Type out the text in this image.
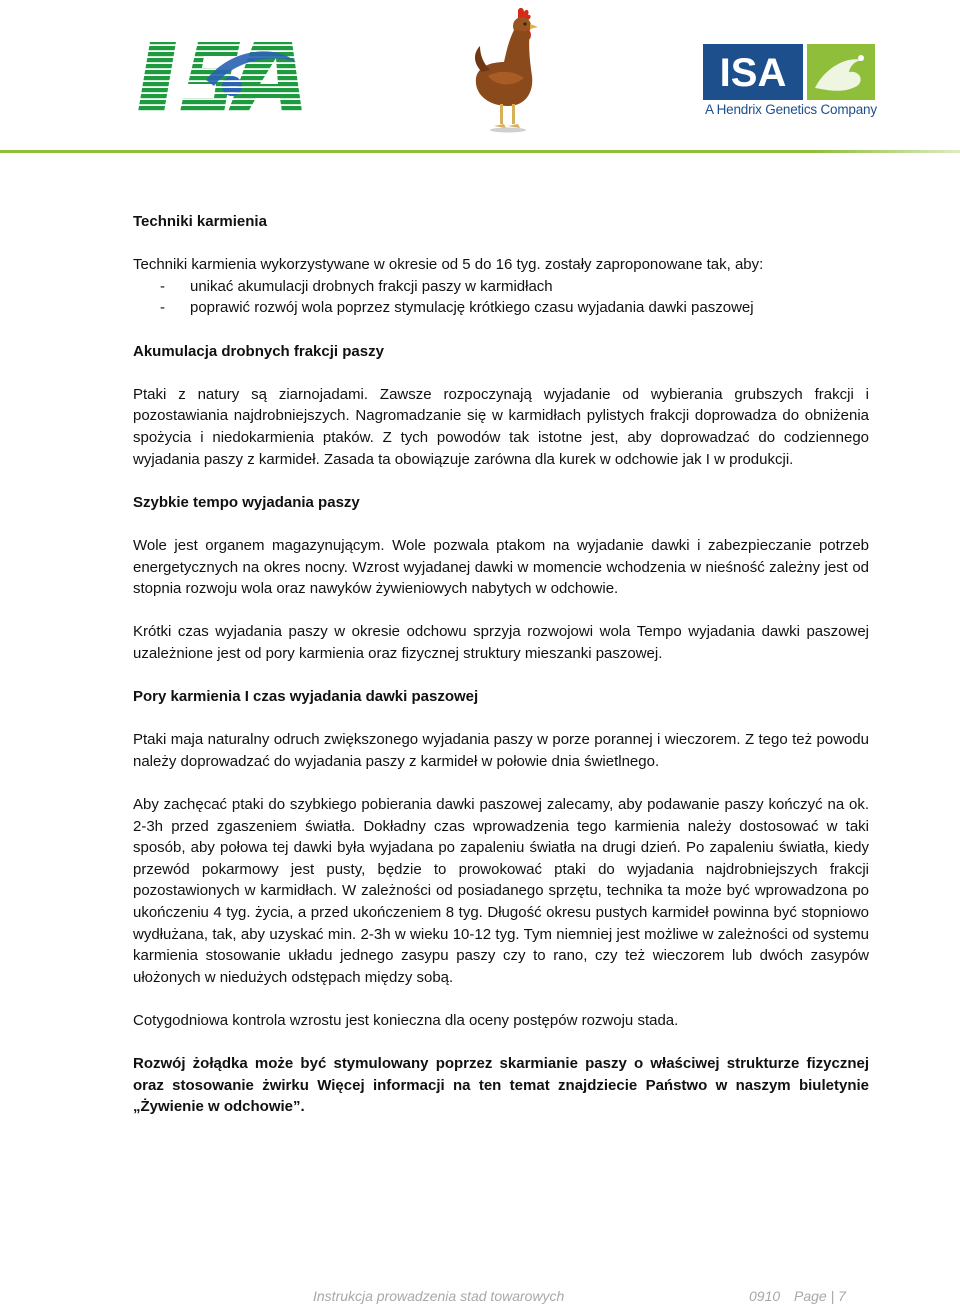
ISA
A Hendrix Genetics Company
Techniki karmienia

Techniki karmienia wykorzystywane w okresie od 5 do 16 tyg. zostały zaproponowane tak, aby:

-	unikać akumulacji drobnych frakcji paszy w karmidłach
-	poprawić rozwój wola poprzez stymulację krótkiego czasu wyjadania dawki paszowej
Akumulacja drobnych frakcji paszy

Ptaki z natury są ziarnojadami. Zawsze rozpoczynają wyjadanie od wybierania grubszych frakcji i pozostawiania najdrobniejszych. Nagromadzanie się w karmidłach pylistych frakcji doprowadza do obniżenia spożycia i niedokarmienia ptaków. Z tych powodów tak istotne jest, aby doprowadzać do codziennego wyjadania paszy z karmideł. Zasada ta obowiązuje zarówna dla kurek w odchowie jak I w produkcji.

Szybkie tempo wyjadania paszy

Wole jest organem magazynującym. Wole pozwala ptakom na wyjadanie dawki i zabezpieczanie potrzeb energetycznych na okres nocny. Wzrost wyjadanej dawki w momencie wchodzenia w nieśność zależny jest od stopnia rozwoju wola oraz nawyków żywieniowych nabytych w odchowie.

Krótki czas wyjadania paszy w okresie odchowu sprzyja rozwojowi wola Tempo wyjadania dawki paszowej uzależnione jest od pory karmienia oraz fizycznej struktury mieszanki paszowej.

Pory karmienia I czas wyjadania dawki paszowej

Ptaki maja naturalny odruch zwiększonego wyjadania paszy w porze porannej i wieczorem. Z tego też powodu należy doprowadzać do wyjadania paszy z karmideł w połowie dnia świetlnego.

Aby zachęcać ptaki do szybkiego pobierania dawki paszowej zalecamy, aby podawanie paszy kończyć na ok. 2-3h przed zgaszeniem światła. Dokładny czas wprowadzenia tego karmienia należy dostosować w taki sposób, aby połowa tej dawki była wyjadana po zapaleniu światła na drugi dzień. Po zapaleniu światła, kiedy przewód pokarmowy jest pusty, będzie to prowokować ptaki do wyjadania najdrobniejszych frakcji pozostawionych w karmidłach. W zależności od posiadanego sprzętu, technika ta może być wprowadzona po ukończeniu 4 tyg. życia, a przed ukończeniem 8 tyg. Długość okresu pustych karmideł powinna być stopniowo wydłużana, tak, aby uzyskać min. 2-3h w wieku 10-12 tyg. Tym niemniej jest możliwe w zależności od systemu karmienia stosowanie układu jednego zasypu paszy czy to rano, czy też wieczorem lub dwóch zasypów ułożonych w niedużych odstępach między sobą.

Cotygodniowa kontrola wzrostu jest konieczna dla oceny postępów rozwoju stada.

Rozwój żołądka może być stymulowany poprzez skarmianie paszy o właściwej strukturze fizycznej oraz stosowanie żwirku Więcej informacji na ten temat znajdziecie Państwo w naszym biuletynie „Żywienie w odchowie”.

Instrukcja prowadzenia stad towarowych	0910 Page | 7
